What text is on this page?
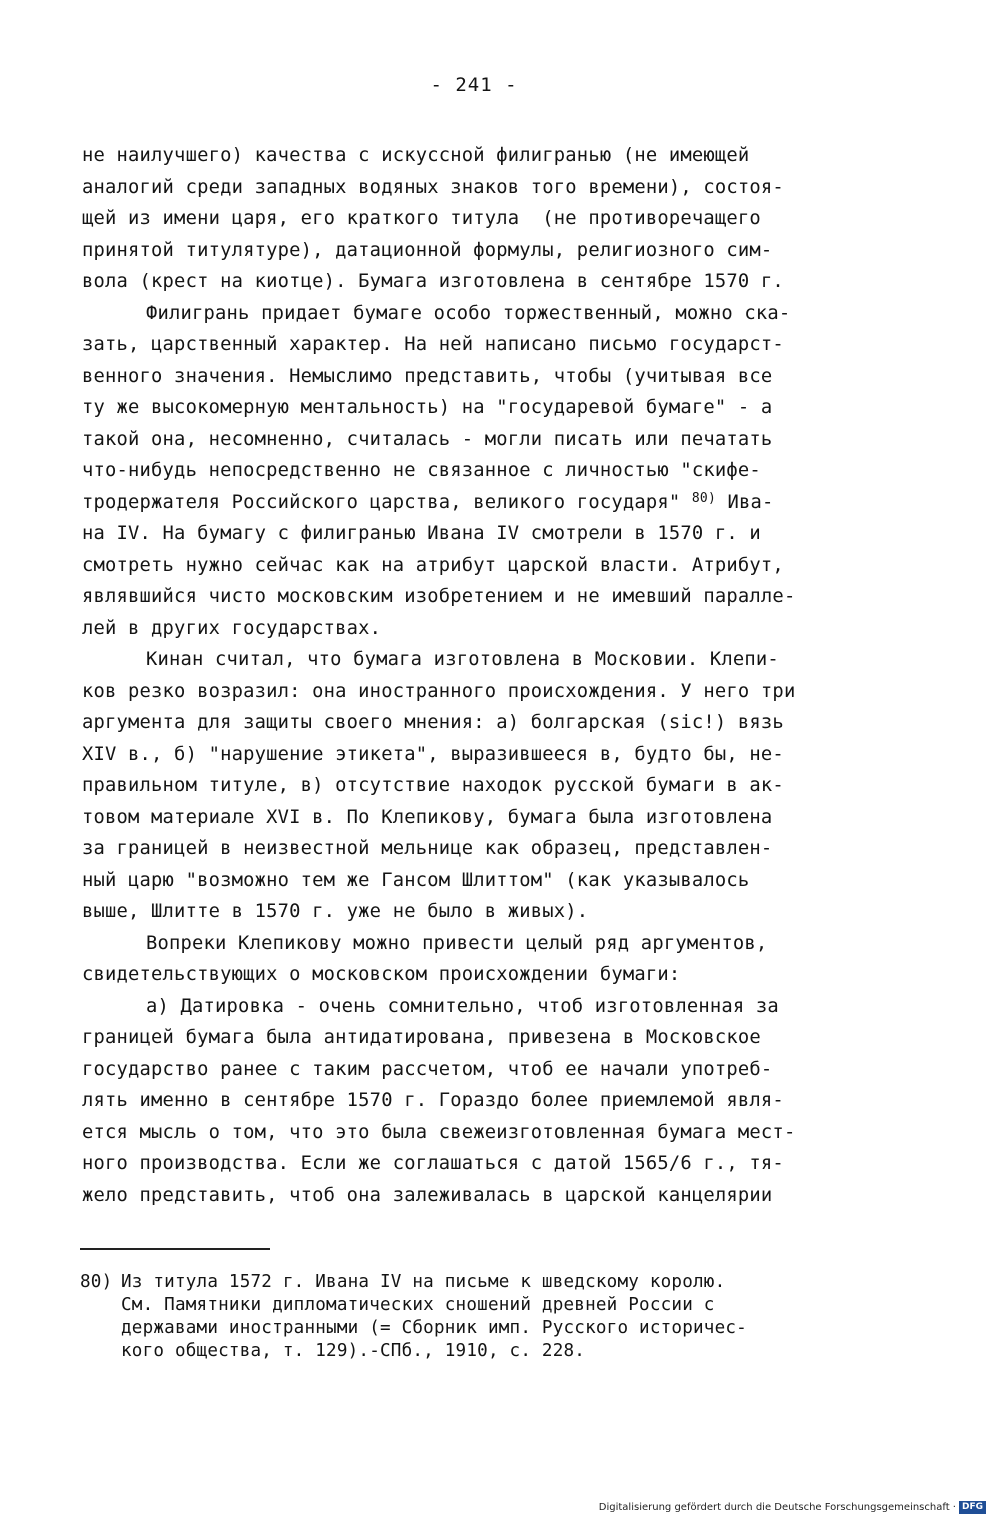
- 241 -
не наилучшего) качества с искуссной филигранью (не имеющей
аналогий среди западных водяных знаков того времени), состоя-
щей из имени царя, его краткого титула  (не противоречащего
принятой титулятуре), датационной формулы, религиозного сим-
вола (крест на киотце). Бумага изготовлена в сентябре 1570 г.
Филигрань придает бумаге особо торжественный, можно ска-
зать, царственный характер. На ней написано письмо государст-
венного значения. Немыслимо представить, чтобы (учитывая все
ту же высокомерную ментальность) на "государевой бумаге" - а
такой она, несомненно, считалась - могли писать или печатать
что-нибудь непосредственно не связанное с личностью "скифе-
тродержателя Российского царства, великого государя" $^{80)}$ Ива-
на IV. На бумагу с филигранью Ивана IV смотрели в 1570 г. и
смотреть нужно сейчас как на атрибут царской власти. Атрибут,
являвшийся чисто московским изобретением и не имевший паралле-
лей в других государствах.
Кинан считал, что бумага изготовлена в Московии. Клепи-
ков резко возразил: она иностранного происхождения. У него три
аргумента для защиты своего мнения: а) болгарская (sic!) вязь
XIV в., б) "нарушение этикета", выразившееся в, будто бы, не-
правильном титуле, в) отсутствие находок русской бумаги в ак-
товом материале XVI в. По Клепикову, бумага была изготовлена
за границей в неизвестной мельнице как образец, представлен-
ный царю "возможно тем же Гансом Шлиттом" (как указывалось
выше, Шлитте в 1570 г. уже не было в живых).
Вопреки Клепикову можно привести целый ряд аргументов,
свидетельствующих о московском происхождении бумаги:
а) Датировка - очень сомнительно, чтоб изготовленная за
границей бумага была антидатирована, привезена в Московское
государство ранее с таким рассчетом, чтоб ее начали употреб-
лять именно в сентябре 1570 г. Гораздо более приемлемой явля-
ется мысль о том, что это была свежеизготовленная бумага мест-
ного производства. Если же соглашаться с датой 1565/6 г., тя-
жело представить, чтоб она залеживалась в царской канцелярии
80) Из титула 1572 г. Ивана IV на письме к шведскому королю.
См. Памятники дипломатических сношений древней России с
державами иностранными (= Сборник имп. Русского историчес-
кого общества, т. 129).-СПб., 1910, с. 228.
Digitalisierung gefördert durch die Deutsche Forschungsgemeinschaft · DFG
